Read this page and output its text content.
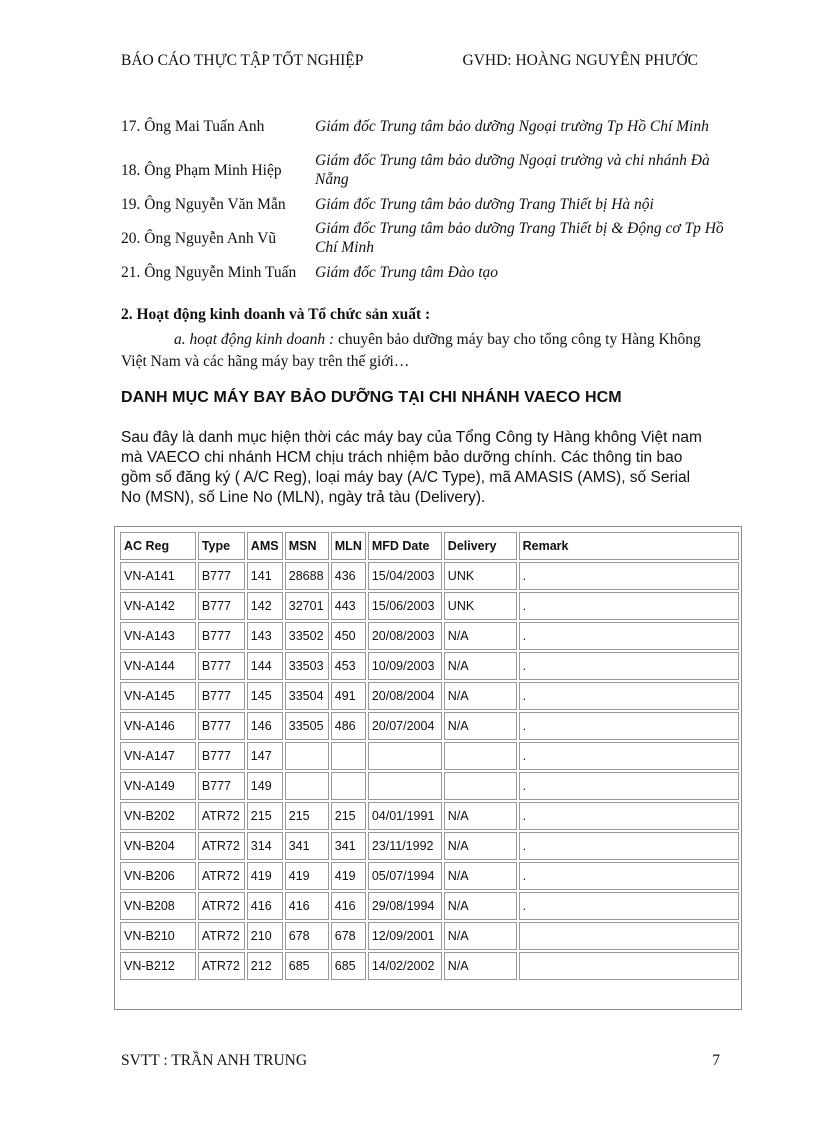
BÁO CÁO THỰC TẬP TỐT NGHIỆP	GVHD: HOÀNG NGUYÊN PHƯỚC
17. Ông Mai Tuấn Anh	Giám đốc Trung tâm bảo dưỡng Ngoại trường Tp Hồ Chí Minh
18. Ông Phạm Minh Hiệp	Giám đốc Trung tâm bảo dưỡng Ngoại trường và chi nhánh Đà Nẵng
19. Ông Nguyễn Văn Mẫn	Giám đốc Trung tâm bảo dưỡng Trang Thiết bị Hà nội
20. Ông Nguyễn Anh Vũ	Giám đốc Trung tâm bảo dưỡng Trang Thiết bị & Động cơ Tp Hồ Chí Minh
21. Ông Nguyễn Minh Tuấn	Giám đốc Trung tâm Đào tạo
2. Hoạt động kinh doanh và Tổ chức sản xuất :
a. hoạt động kinh doanh : chuyên bảo dưỡng máy bay cho tổng công ty Hàng Không Việt Nam và các hãng máy bay trên thế giới…
DANH MỤC MÁY BAY BẢO DƯỠNG TẠI CHI NHÁNH VAECO HCM
Sau đây là danh mục hiện thời các máy bay của Tổng Công ty Hàng không Việt nam mà VAECO chi nhánh HCM chịu trách nhiệm bảo dưỡng chính. Các thông tin bao gồm số đăng ký ( A/C Reg), loại máy bay (A/C Type), mã AMASIS (AMS), số Serial No (MSN), số Line No (MLN), ngày trả tàu (Delivery).
AC Reg	Type	AMS	MSN	MLN	MFD Date	Delivery	Remark
VN-A141	B777	141	28688	436	15/04/2003	UNK	.
VN-A142	B777	142	32701	443	15/06/2003	UNK	.
VN-A143	B777	143	33502	450	20/08/2003	N/A	.
VN-A144	B777	144	33503	453	10/09/2003	N/A	.
VN-A145	B777	145	33504	491	20/08/2004	N/A	.
VN-A146	B777	146	33505	486	20/07/2004	N/A	.
VN-A147	B777	147					.
VN-A149	B777	149					.
VN-B202	ATR72	215	215	215	04/01/1991	N/A	.
VN-B204	ATR72	314	341	341	23/11/1992	N/A	.
VN-B206	ATR72	419	419	419	05/07/1994	N/A	.
VN-B208	ATR72	416	416	416	29/08/1994	N/A	.
VN-B210	ATR72	210	678	678	12/09/2001	N/A	
VN-B212	ATR72	212	685	685	14/02/2002	N/A	
SVTT : TRẦN ANH TRUNG	7
